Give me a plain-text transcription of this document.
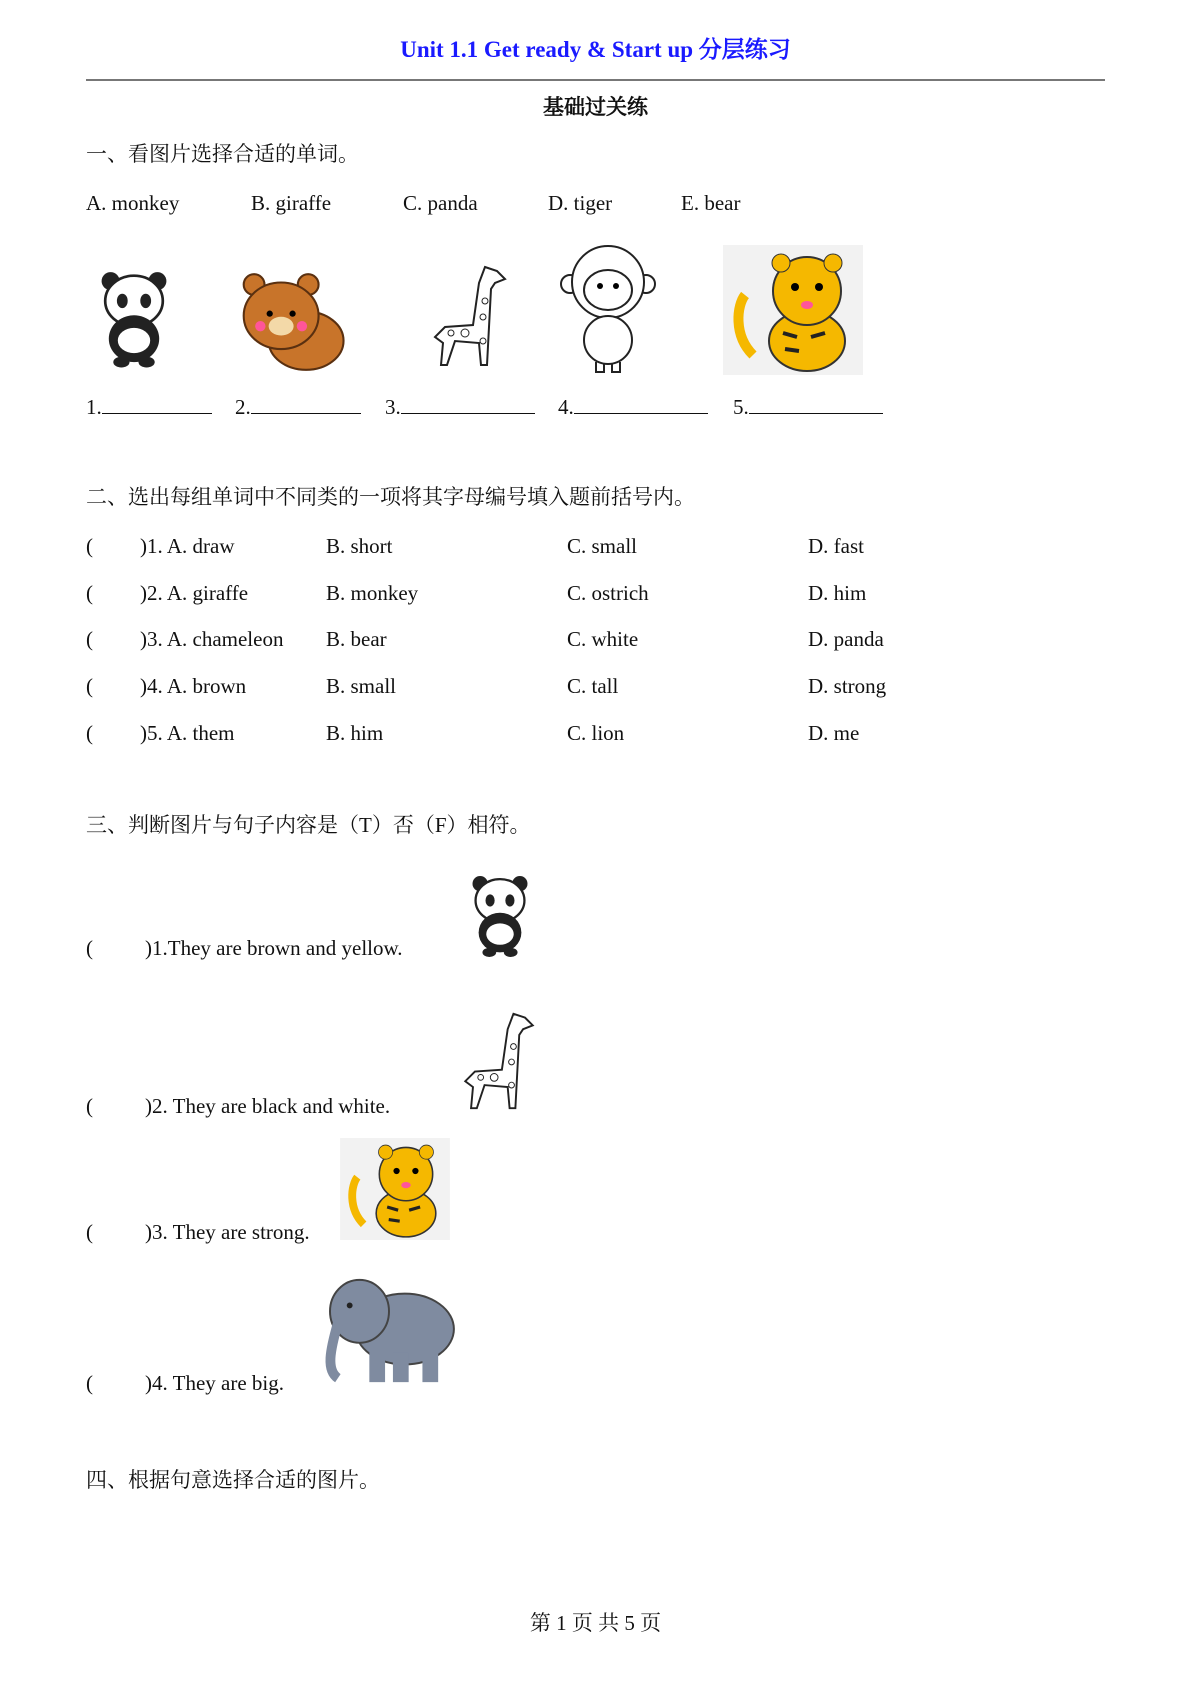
Unit 1.1 Get ready & Start up 分层练习
基础过关练
一、看图片选择合适的单词。
A. monkey	B. giraffe	C. panda	D. tiger	E. bear
1.	2.	3.	4.	5.
二、选出每组单词中不同类的一项将其字母编号填入题前括号内。
( )1. A. draw	B. short	C. small	D. fast
( )2. A. giraffe	B. monkey	C. ostrich	D. him
( )3. A. chameleon B. bear	C. white	D. panda
( )4. A. brown	B. small	C. tall	D. strong
( )5. A. them	B. him	C. lion	D. me
三、判断图片与句子内容是（T）否（F）相符。
( )1.They are brown and yellow.
( )2. They are black and white.
( )3. They are strong.
( )4. They are big.
四、根据句意选择合适的图片。
第 1 页 共 5 页
